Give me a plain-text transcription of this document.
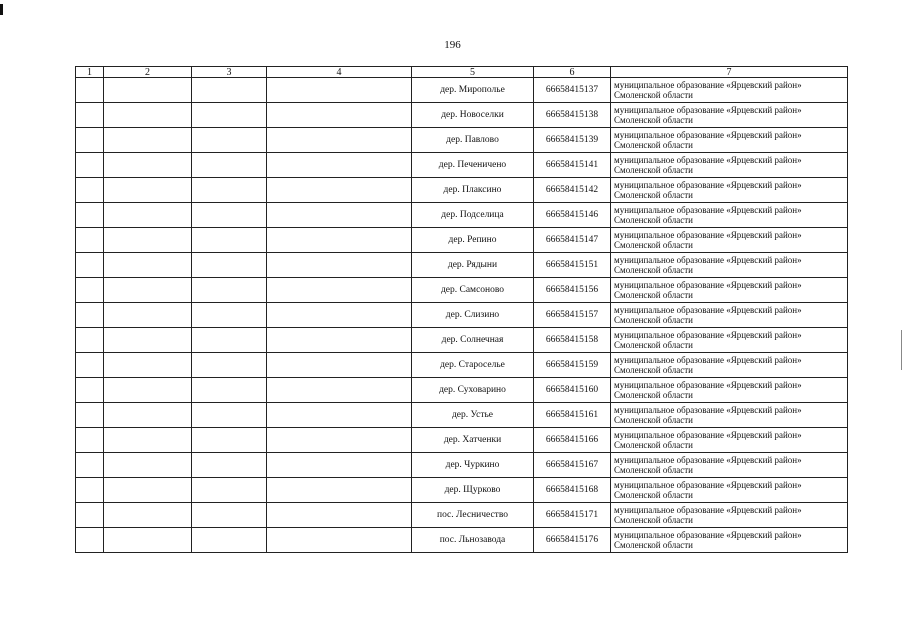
196
1	2	3	4	5	6	7
				дер. Мирополье	66658415137	муниципальное образование «Ярцевский район»
Смоленской области

				дер. Новоселки	66658415138	муниципальное образование «Ярцевский район»
Смоленской области

				дер. Павлово	66658415139	муниципальное образование «Ярцевский район»
Смоленской области

				дер. Печеничено	66658415141	муниципальное образование «Ярцевский район»
Смоленской области

				дер. Плаксино	66658415142	муниципальное образование «Ярцевский район»
Смоленской области

				дер. Подселица	66658415146	муниципальное образование «Ярцевский район»
Смоленской области

				дер. Репино	66658415147	муниципальное образование «Ярцевский район»
Смоленской области

				дер. Рядыни	66658415151	муниципальное образование «Ярцевский район»
Смоленской области

				дер. Самсоново	66658415156	муниципальное образование «Ярцевский район»
Смоленской области

				дер. Слизино	66658415157	муниципальное образование «Ярцевский район»
Смоленской области

				дер. Солнечная	66658415158	муниципальное образование «Ярцевский район»
Смоленской области

				дер. Староселье	66658415159	муниципальное образование «Ярцевский район»
Смоленской области

				дер. Суховарино	66658415160	муниципальное образование «Ярцевский район»
Смоленской области

				дер. Устье	66658415161	муниципальное образование «Ярцевский район»
Смоленской области

				дер. Хатченки	66658415166	муниципальное образование «Ярцевский район»
Смоленской области

				дер. Чуркино	66658415167	муниципальное образование «Ярцевский район»
Смоленской области

				дер. Щурково	66658415168	муниципальное образование «Ярцевский район»
Смоленской области

				пос. Лесничество	66658415171	муниципальное образование «Ярцевский район»
Смоленской области

				пос. Льнозавода	66658415176	муниципальное образование «Ярцевский район»
Смоленской области
